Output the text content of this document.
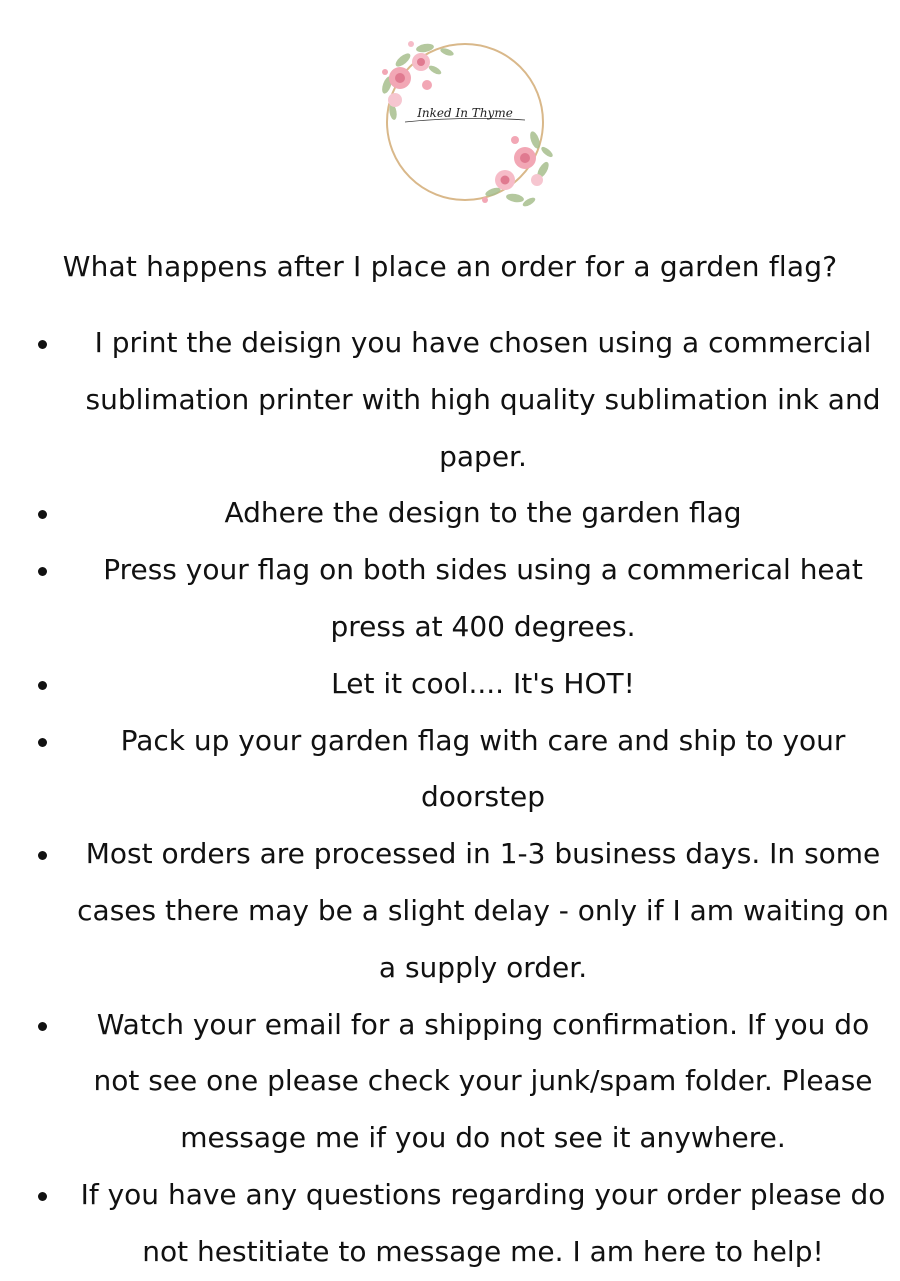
Inked In Thyme
What happens after I place an order for a garden flag?
I print the deisign you have chosen using a commercial sublimation printer with high quality sublimation ink and paper.
Adhere the design to the garden flag
Press your flag on both sides using a commerical heat press at 400 degrees.
Let it cool.... It's HOT!
Pack up your garden flag with care and ship to your doorstep
Most orders are processed in 1-3 business days. In some cases there may be a slight delay - only if I am waiting on a supply order.
Watch your email for a shipping confirmation. If you do not see one please check your junk/spam folder. Please message me if you do not see it anywhere.
If you have any questions regarding your order please do not hestitiate to message me. I am here to help!
